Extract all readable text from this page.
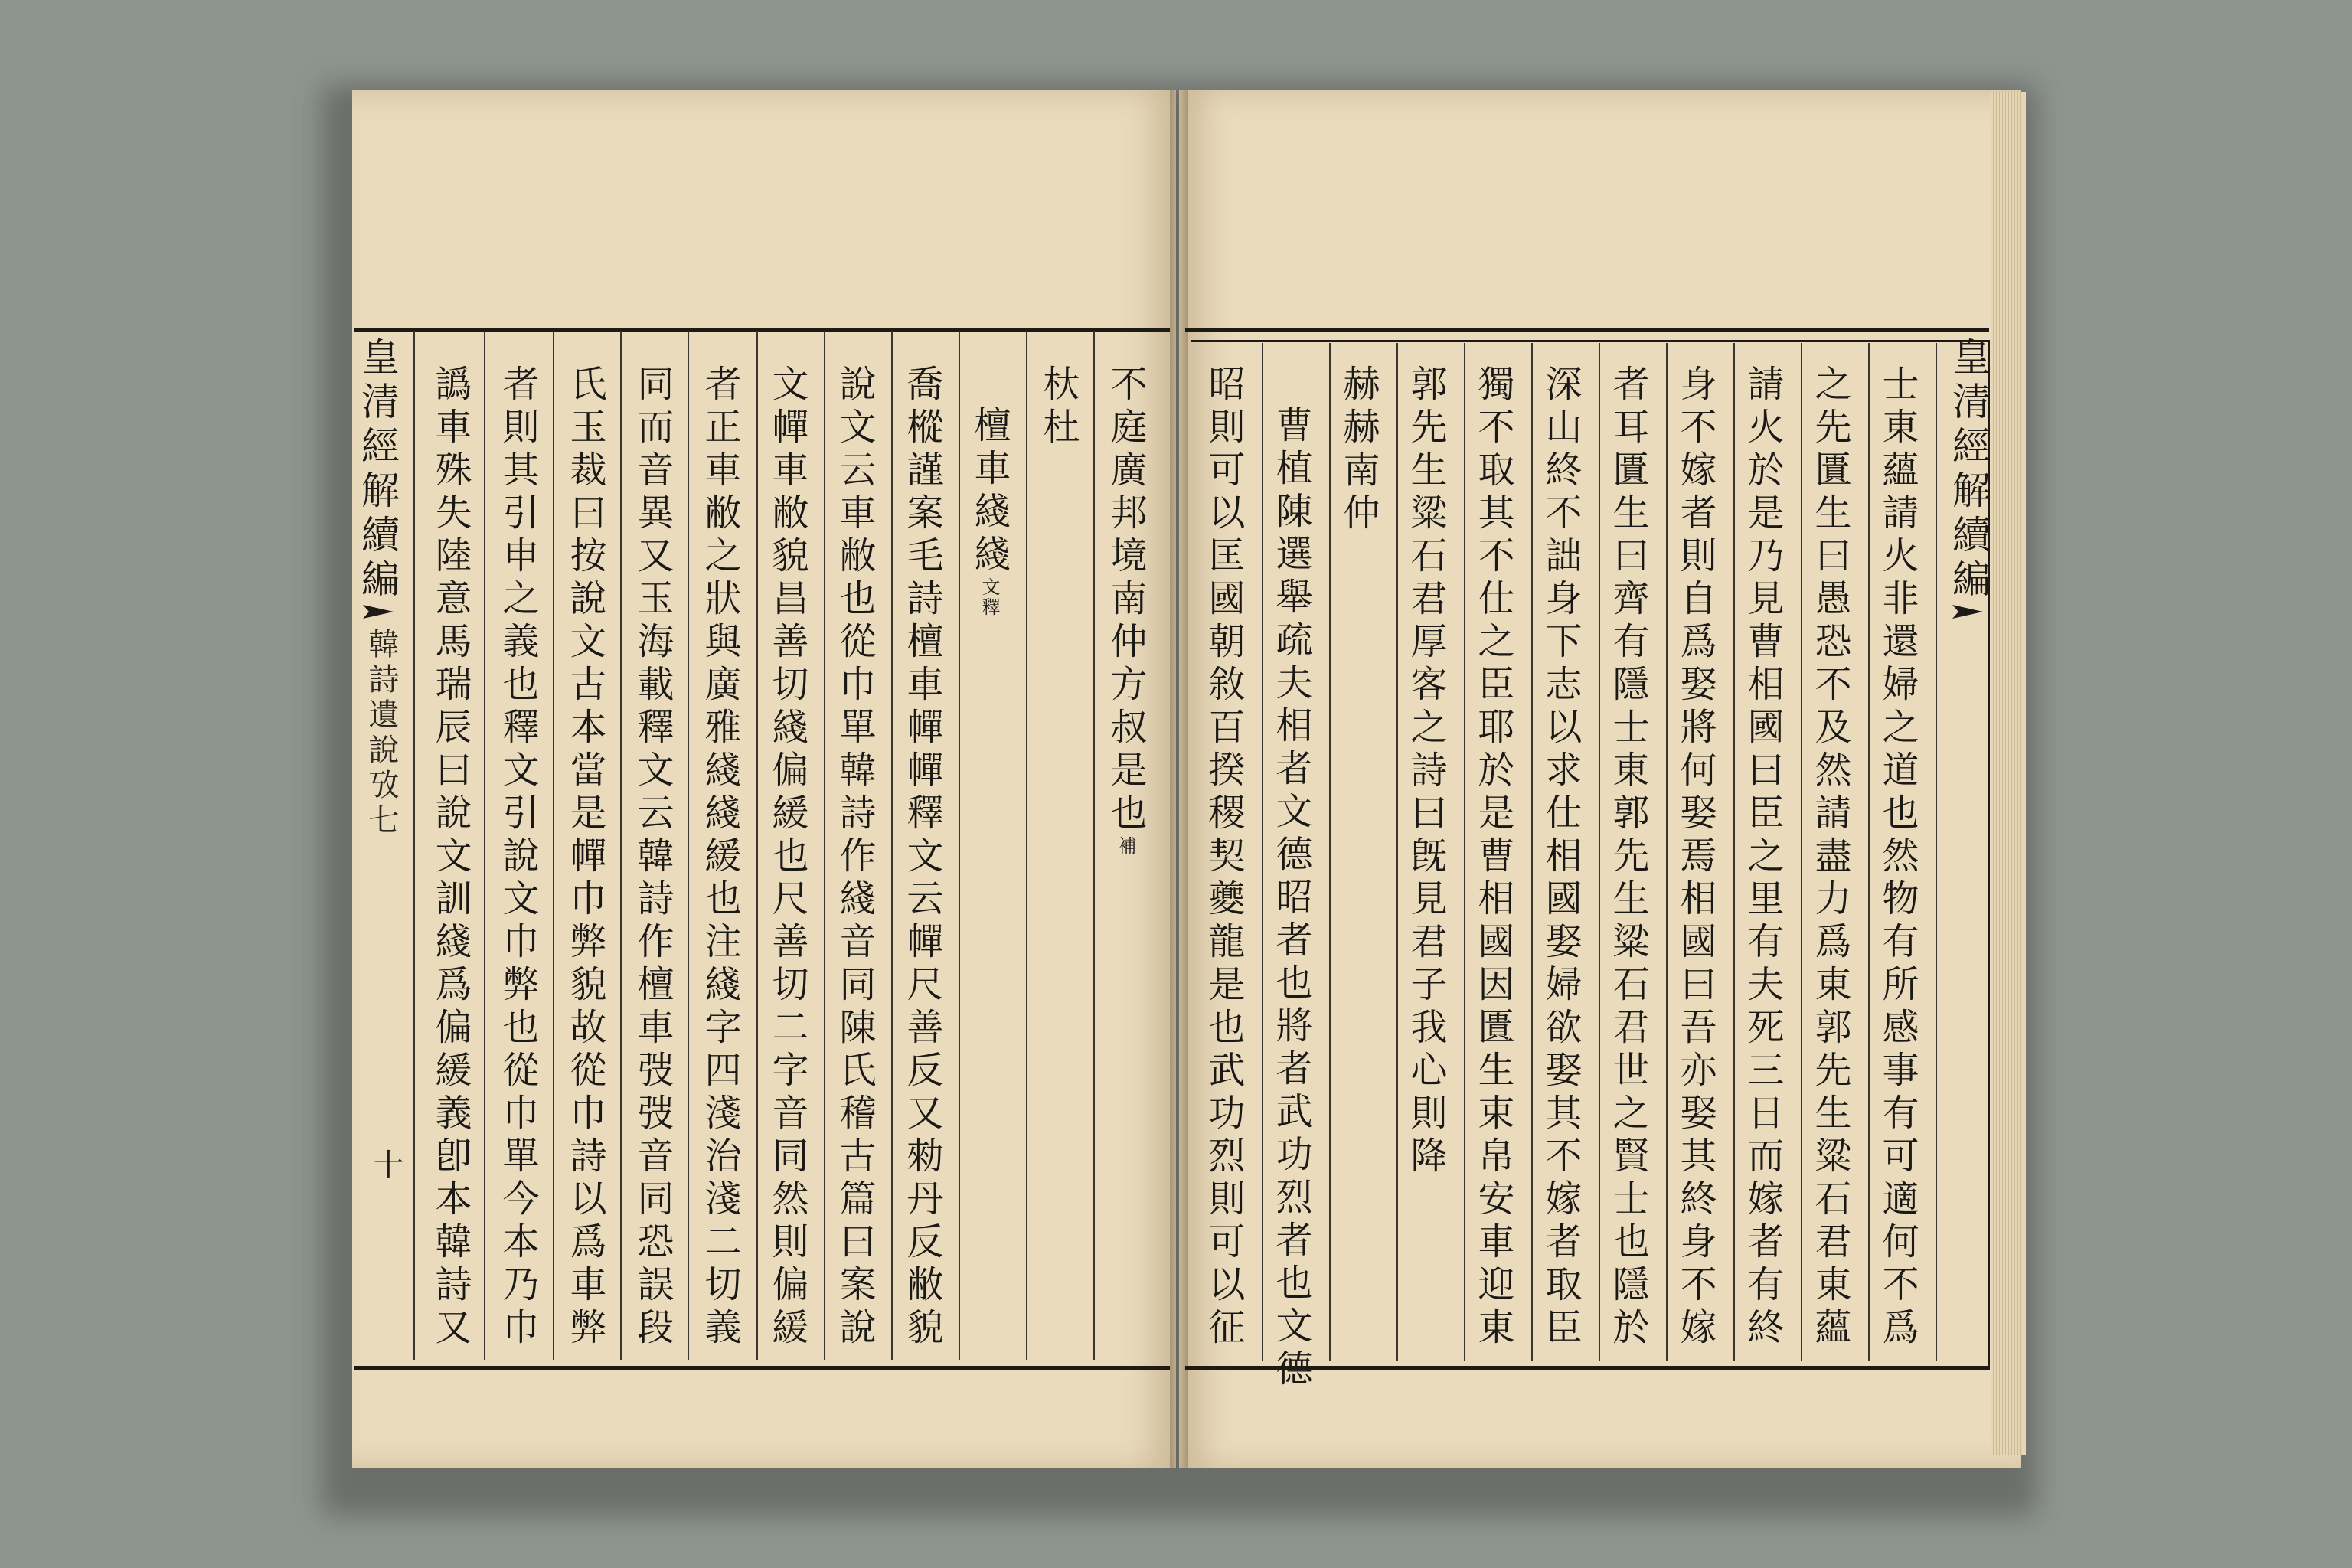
皇清經解續編
韓詩遺說攷七
十
不庭廣邦境南仲方叔是也補
杕杜
檀車綫綫文釋
喬樅謹案毛詩檀車幝幝釋文云幝尺善反又勑丹反敝貌
說文云車敝也從巾單韓詩作綫音同陳氏稽古篇曰案說
文幝車敝貌昌善切綫偏緩也尺善切二字音同然則偏緩
者正車敝之狀與廣雅綫綫緩也注綫字四淺治淺二切義
同而音異又玉海載釋文云韓詩作檀車弢弢音同恐誤段
氏玉裁曰按說文古本當是幝巾弊貌故從巾詩以爲車弊
者則其引申之義也釋文引說文巾弊也從巾單今本乃巾
譌車殊失陸意馬瑞辰曰說文訓綫爲偏緩義卽本韓詩又	皇清經解續編
士東蘊請火非還婦之道也然物有所感事有可適何不爲
之先匱生曰愚恐不及然請盡力爲東郭先生粱石君東蘊
請火於是乃見曹相國曰臣之里有夫死三日而嫁者有終
身不嫁者則自爲娶將何娶焉相國曰吾亦娶其終身不嫁
者耳匱生曰齊有隱士東郭先生粱石君世之賢士也隱於
深山終不詘身下志以求仕相國娶婦欲娶其不嫁者取臣
獨不取其不仕之臣耶於是曹相國因匱生束帛安車迎東
郭先生粱石君厚客之詩曰旣見君子我心則降
赫赫南仲
曹植陳選舉疏夫相者文德昭者也將者武功烈者也文德
昭則可以匡國朝敘百揆稷契夔龍是也武功烈則可以征
